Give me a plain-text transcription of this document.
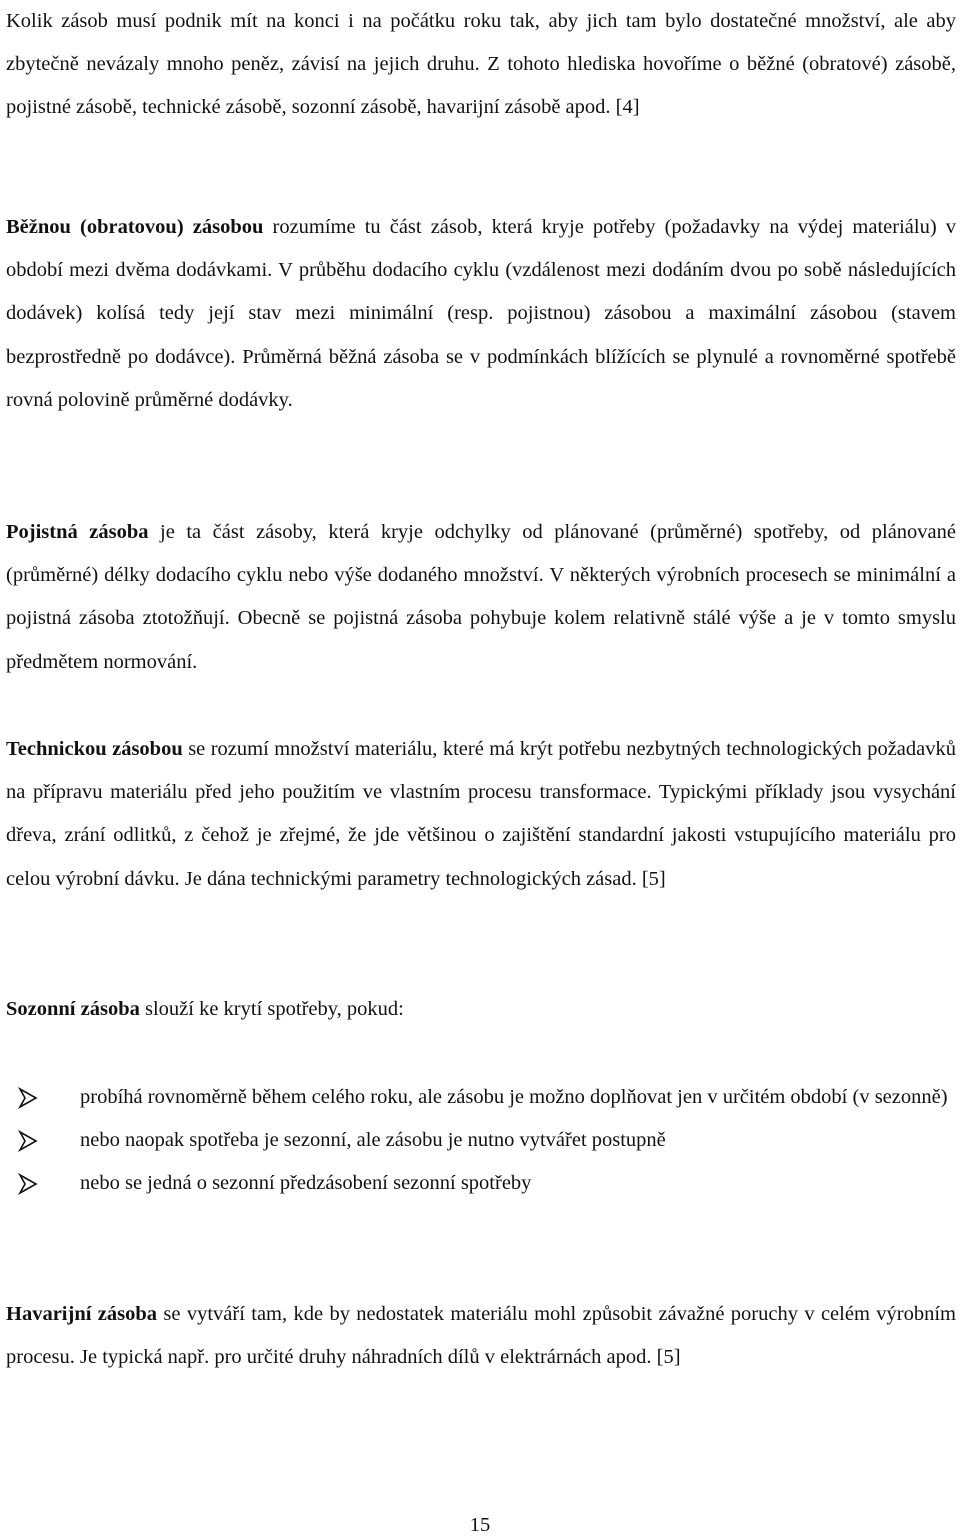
Kolik zásob musí podnik mít na konci i na počátku roku tak, aby jich tam bylo dostatečné množství, ale aby zbytečně nevázaly mnoho peněz, závisí na jejich druhu. Z tohoto hlediska hovoříme o běžné (obratové) zásobě, pojistné zásobě, technické zásobě, sozonní zásobě, havarijní zásobě apod. [4]

Běžnou (obratovou) zásobou rozumíme tu část zásob, která kryje potřeby (požadavky na výdej materiálu) v období mezi dvěma dodávkami. V průběhu dodacího cyklu (vzdálenost mezi dodáním dvou po sobě následujících dodávek) kolísá tedy její stav mezi minimální (resp. pojistnou) zásobou a maximální zásobou (stavem bezprostředně po dodávce). Průměrná běžná zásoba se v podmínkách blížících se plynulé a rovnoměrné spotřebě rovná polovině průměrné dodávky.

Pojistná zásoba je ta část zásoby, která kryje odchylky od plánované (průměrné) spotřeby, od plánované (průměrné) délky dodacího cyklu nebo výše dodaného množství. V některých výrobních procesech se minimální a pojistná zásoba ztotožňují. Obecně se pojistná zásoba pohybuje kolem relativně stálé výše a je v tomto smyslu předmětem normování.

Technickou zásobou se rozumí množství materiálu, které má krýt potřebu nezbytných technologických požadavků na přípravu materiálu před jeho použitím ve vlastním procesu transformace. Typickými příklady jsou vysychání dřeva, zrání odlitků, z čehož je zřejmé, že jde většinou o zajištění standardní jakosti vstupujícího materiálu pro celou výrobní dávku. Je dána technickými parametry technologických zásad. [5]

Sozonní zásoba slouží ke krytí spotřeby, pokud:

probíhá rovnoměrně během celého roku, ale zásobu je možno doplňovat jen v určitém období (v sezonně)
nebo naopak spotřeba je sezonní, ale zásobu je nutno vytvářet postupně
nebo se jedná o sezonní předzásobení sezonní spotřeby

Havarijní zásoba se vytváří tam, kde by nedostatek materiálu mohl způsobit závažné poruchy v celém výrobním procesu. Je typická např. pro určité druhy náhradních dílů v elektrárnách apod. [5]

15
